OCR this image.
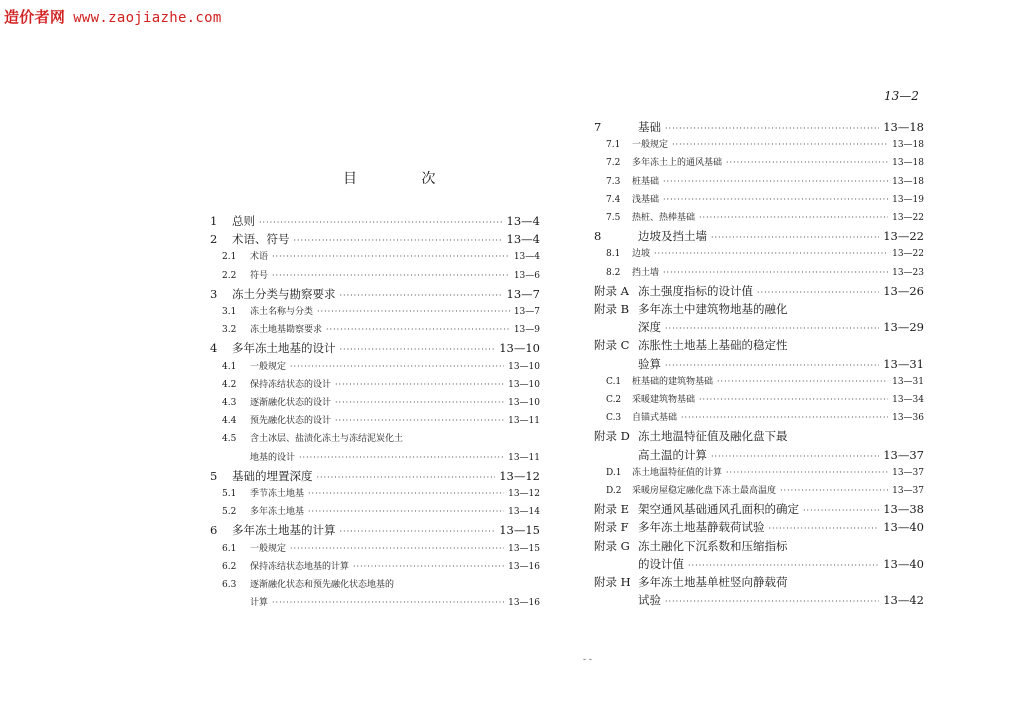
造价者网 www.zaojiazhe.com
13—2
目 次
1	总则 ·····	13—4
2	术语、符号 ·····	13—4
2.1	术语 ·····	13—4
2.2	符号 ·····	13—6
3	冻土分类与勘察要求 ·····	13—7
3.1	冻土名称与分类 ·····	13—7
3.2	冻土地基勘察要求 ·····	13—9
4	多年冻土地基的设计 ·····	13—10
4.1	一般规定 ·····	13—10
4.2	保持冻结状态的设计 ·····	13—10
4.3	逐渐融化状态的设计 ·····	13—10
4.4	预先融化状态的设计 ·····	13—11
4.5	含土冰层、盐渍化冻土与冻结泥炭化土
地基的设计 ·····	13—11
5	基础的埋置深度 ·····	13—12
5.1	季节冻土地基 ·····	13—12
5.2	多年冻土地基 ·····	13—14
6	多年冻土地基的计算 ·····	13—15
6.1	一般规定 ·····	13—15
6.2	保持冻结状态地基的计算 ·····	13—16
6.3	逐渐融化状态和预先融化状态地基的
计算 ·····	13—16
7	基础 ·····	13—18
7.1	一般规定 ·····	13—18
7.2	多年冻土上的通风基础 ·····	13—18
7.3	桩基础 ·····	13—18
7.4	浅基础 ·····	13—19
7.5	热桩、热棒基础 ·····	13—22
8	边坡及挡土墙 ·····	13—22
8.1	边坡 ·····	13—22
8.2	挡土墙 ·····	13—23
附录 A 冻土强度指标的设计值 ·····	13—26
附录 B 多年冻土中建筑物地基的融化
深度 ·····	13—29
附录 C 冻胀性土地基上基础的稳定性
验算 ·····	13—31
C.1	桩基础的建筑物基础 ·····	13—31
C.2	采暖建筑物基础 ·····	13—34
C.3	自锚式基础 ·····	13—36
附录 D 冻土地温特征值及融化盘下最
高土温的计算 ·····	13—37
D.1	冻土地温特征值的计算 ·····	13—37
D.2	采暖房屋稳定融化盘下冻土最高温度 ·····	13—37
附录 E 架空通风基础通风孔面积的确定 ·····	13—38
附录 F 多年冻土地基静载荷试验 ·····	13—40
附录 G 冻土融化下沉系数和压缩指标
的设计值 ·····	13—40
附录 H 多年冻土地基单桩竖向静载荷
试验 ·····	13—42
- -
